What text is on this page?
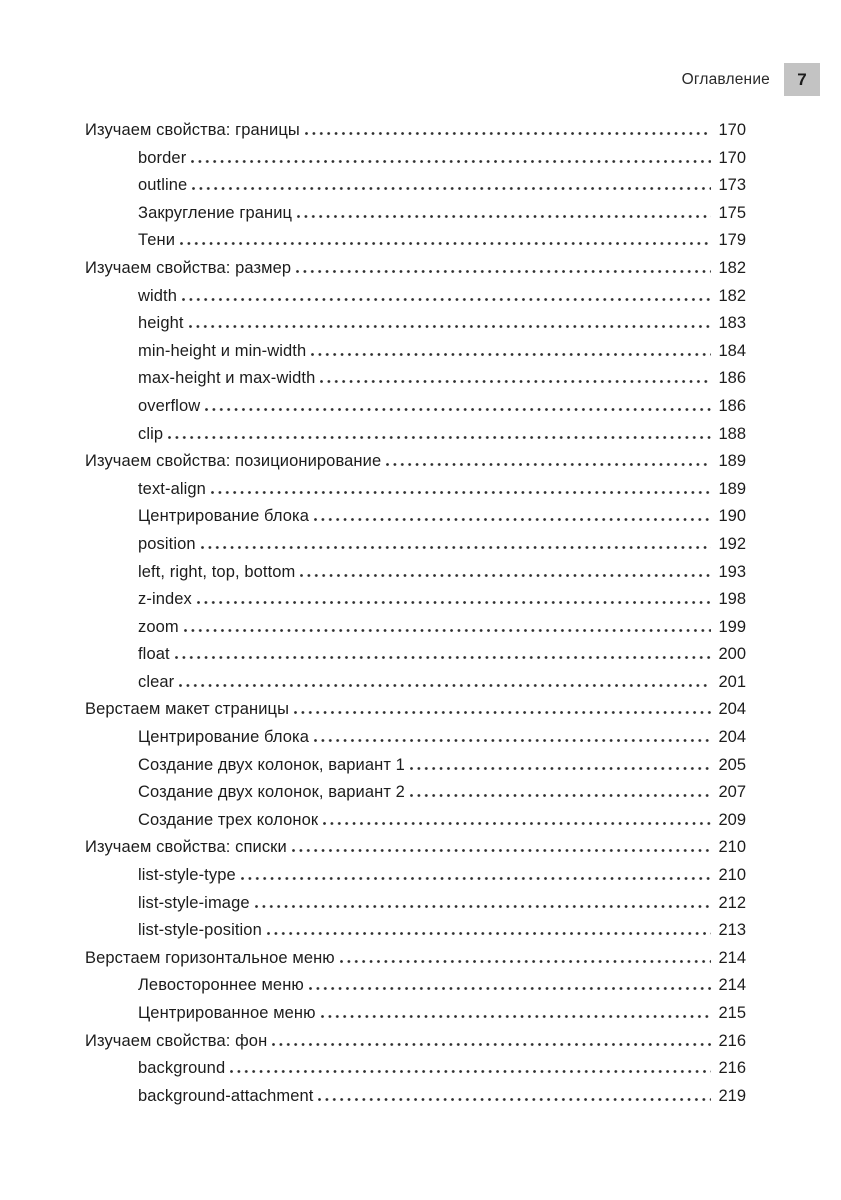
Оглавление 7
Изучаем свойства: границы	170
border	170
outline	173
Закругление границ	175
Тени	179
Изучаем свойства: размер	182
width	182
height	183
min-height и min-width	184
max-height и max-width	186
overflow	186
clip	188
Изучаем свойства: позиционирование	189
text-align	189
Центрирование блока	190
position	192
left, right, top, bottom	193
z-index	198
zoom	199
float	200
clear	201
Верстаем макет страницы	204
Центрирование блока	204
Создание двух колонок, вариант 1	205
Создание двух колонок, вариант 2	207
Создание трех колонок	209
Изучаем свойства: списки	210
list-style-type	210
list-style-image	212
list-style-position	213
Верстаем горизонтальное меню	214
Левостороннее меню	214
Центрированное меню	215
Изучаем свойства: фон	216
background	216
background-attachment	219
